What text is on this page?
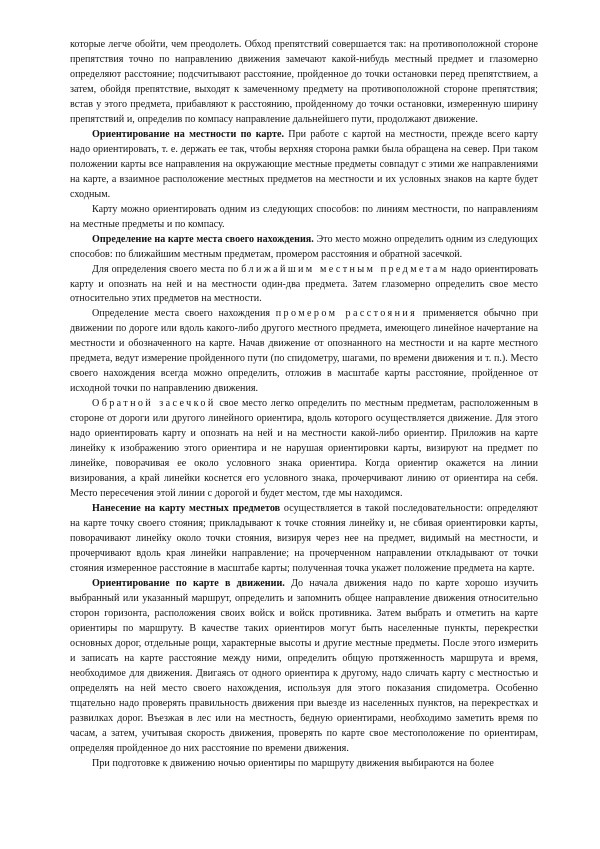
которые легче обойти, чем преодолеть. Обход препятствий совершается так: на противоположной стороне препятствия точно по направлению движения замечают какой-нибудь местный предмет и глазомерно определяют расстояние; подсчитывают расстояние, пройденное до точки остановки перед препятствием, а затем, обойдя препятствие, выходят к замеченному предмету на противоположной стороне препятствия; встав у этого предмета, прибавляют к расстоянию, пройденному до точки остановки, измеренную ширину препятствий и, определив по компасу направление дальнейшего пути, продолжают движение.

Ориентирование на местности по карте. При работе с картой на местности, прежде всего карту надо ориентировать, т. е. держать ее так, чтобы верхняя сторона рамки была обращена на север. При таком положении карты все направления на окружающие местные предметы совпадут с этими же направлениями на карте, а взаимное расположение местных предметов на местности и их условных знаков на карте будет сходным.

Карту можно ориентировать одним из следующих способов: по линиям местности, по направлениям на местные предметы и по компасу.

Определение на карте места своего нахождения. Это место можно определить одним из следующих способов: по ближайшим местным предметам, промером расстояния и обратной засечкой.

Для определения своего места по ближайшим местным предметам надо ориентировать карту и опознать на ней и на местности один-два предмета. Затем глазомерно определить свое место относительно этих предметов на местности.

Определение места своего нахождения промером расстояния применяется обычно при движении по дороге или вдоль какого-либо другого местного предмета, имеющего линейное начертание на местности и обозначенного на карте. Начав движение от опознанного на местности и на карте местного предмета, ведут измерение пройденного пути (по спидометру, шагами, по времени движения и т. п.). Место своего нахождения всегда можно определить, отложив в масштабе карты расстояние, пройденное от исходной точки по направлению движения.

Обратной засечкой свое место легко определить по местным предметам, расположенным в стороне от дороги или другого линейного ориентира, вдоль которого осуществляется движение. Для этого надо ориентировать карту и опознать на ней и на местности какой-либо ориентир. Приложив на карте линейку к изображению этого ориентира и не нарушая ориентировки карты, визируют на предмет по линейке, поворачивая ее около условного знака ориентира. Когда ориентир окажется на линии визирования, а край линейки коснется его условного знака, прочерчивают линию от ориентира на себя. Место пересечения этой линии с дорогой и будет местом, где мы находимся.

Нанесение на карту местных предметов осуществляется в такой последовательности: определяют на карте точку своего стояния; прикладывают к точке стояния линейку и, не сбивая ориентировки карты, поворачивают линейку около точки стояния, визируя через нее на предмет, видимый на местности, и прочерчивают вдоль края линейки направление; на прочерченном направлении откладывают от точки стояния измеренное расстояние в масштабе карты; полученная точка укажет положение предмета на карте.

Ориентирование по карте в движении. До начала движения надо по карте хорошо изучить выбранный или указанный маршрут, определить и запомнить общее направление движения относительно сторон горизонта, расположения своих войск и войск противника. Затем выбрать и отметить на карте ориентиры по маршруту. В качестве таких ориентиров могут быть населенные пункты, перекрестки основных дорог, отдельные рощи, характерные высоты и другие местные предметы. После этого измерить и записать на карте расстояние между ними, определить общую протяженность маршрута и время, необходимое для движения. Двигаясь от одного ориентира к другому, надо сличать карту с местностью и определять на ней место своего нахождения, используя для этого показания спидометра. Особенно тщательно надо проверять правильность движения при выезде из населенных пунктов, на перекрестках и развилках дорог. Въезжая в лес или на местность, бедную ориентирами, необходимо заметить время по часам, а затем, учитывая скорость движения, проверять по карте свое местоположение по ориентирам, определяя пройденное до них расстояние по времени движения.

При подготовке к движению ночью ориентиры по маршруту движения выбираются на более
